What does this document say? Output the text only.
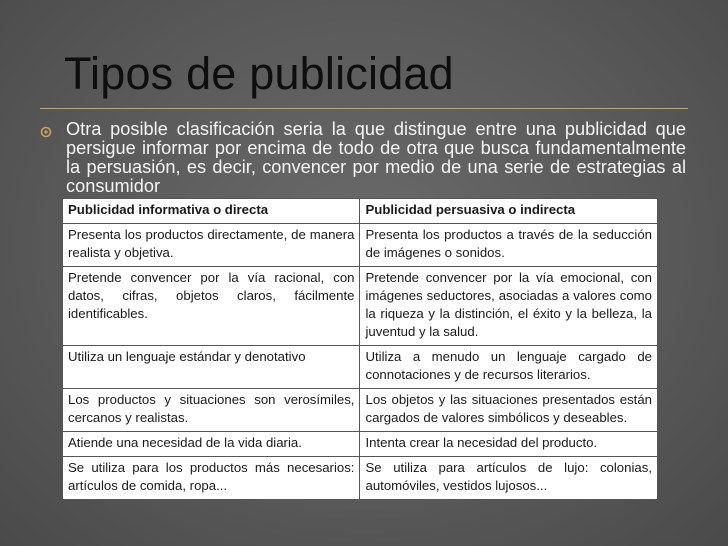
Tipos de publicidad
Otra posible clasificación seria la que distingue entre una publicidad que persigue informar por encima de todo de otra que busca fundamentalmente la persuasión, es decir, convencer por medio de una serie de estrategias al consumidor
Publicidad informativa o directa	Publicidad persuasiva o indirecta
Presenta los productos directamente, de manera realista y objetiva.	Presenta los productos a través de la seducción de imágenes o sonidos.
Pretende convencer por la vía racional, con datos, cifras, objetos claros, fácilmente identificables.	Pretende convencer por la vía emocional, con imágenes seductores, asociadas a valores como la riqueza y la distinción, el éxito y la belleza, la juventud y la salud.
Utiliza un lenguaje estándar y denotativo	Utiliza a menudo un lenguaje cargado de connotaciones y de recursos literarios.
Los productos y situaciones son verosímiles, cercanos y realistas.	Los objetos y las situaciones presentados están cargados de valores simbólicos y deseables.
Atiende una necesidad de la vida diaria.	Intenta crear la necesidad del producto.
Se utiliza para los productos más necesarios: artículos de comida, ropa...	Se utiliza para artículos de lujo: colonias, automóviles, vestidos lujosos...
